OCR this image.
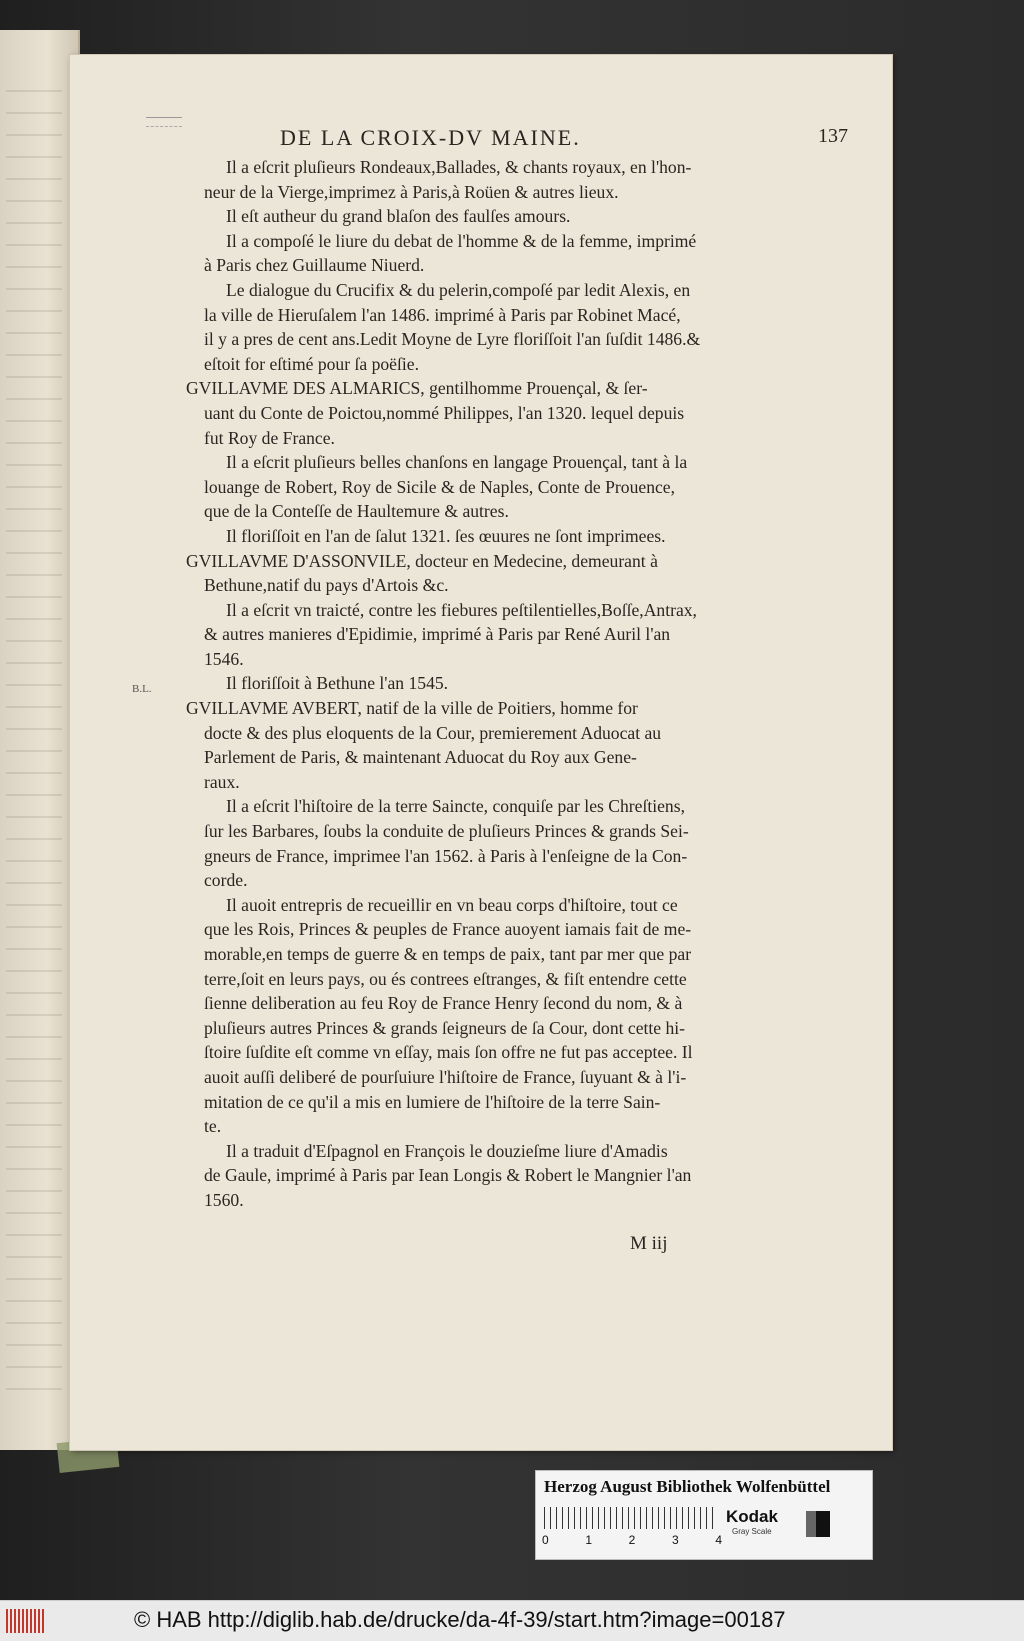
DE LA CROIX-DV MAINE.	137
B.L.
Il a eſcrit pluſieurs Rondeaux,Ballades, & chants royaux, en l'hon-
neur de la Vierge,imprimez à Paris,à Roüen & autres lieux.
Il eſt autheur du grand blaſon des faulſes amours.
Il a compoſé le liure du debat de l'homme & de la femme, imprimé
à Paris chez Guillaume Niuerd.
Le dialogue du Crucifix & du pelerin,compoſé par ledit Alexis, en
la ville de Hieruſalem l'an 1486. imprimé à Paris par Robinet Macé,
il y a pres de cent ans.Ledit Moyne de Lyre floriſſoit l'an ſuſdit 1486.&
eſtoit for eſtimé pour ſa poëſie.
GVILLAVME DES ALMARICS, gentilhomme Prouençal, & ſer-
uant du Conte de Poictou,nommé Philippes, l'an 1320. lequel depuis
fut Roy de France.
Il a eſcrit pluſieurs belles chanſons en langage Prouençal, tant à la
louange de Robert, Roy de Sicile & de Naples, Conte de Prouence,
que de la Conteſſe de Haultemure & autres.
Il floriſſoit en l'an de ſalut 1321. ſes œuures ne ſont imprimees.
GVILLAVME D'ASSONVILE, docteur en Medecine, demeurant à
Bethune,natif du pays d'Artois &c.
Il a eſcrit vn traicté, contre les fiebures peſtilentielles,Boſſe,Antrax,
& autres manieres d'Epidimie, imprimé à Paris par René Auril l'an
1546.
Il floriſſoit à Bethune l'an 1545.
GVILLAVME AVBERT, natif de la ville de Poitiers, homme for
docte & des plus eloquents de la Cour, premierement Aduocat au
Parlement de Paris, & maintenant Aduocat du Roy aux Gene-
raux.
Il a eſcrit l'hiſtoire de la terre Saincte, conquiſe par les Chreſtiens,
ſur les Barbares, ſoubs la conduite de pluſieurs Princes & grands Sei-
gneurs de France, imprimee l'an 1562. à Paris à l'enſeigne de la Con-
corde.
Il auoit entrepris de recueillir en vn beau corps d'hiſtoire, tout ce
que les Rois, Princes & peuples de France auoyent iamais fait de me-
morable,en temps de guerre & en temps de paix, tant par mer que par
terre,ſoit en leurs pays, ou és contrees eſtranges, & fiſt entendre cette
ſienne deliberation au feu Roy de France Henry ſecond du nom, & à
pluſieurs autres Princes & grands ſeigneurs de ſa Cour, dont cette hi-
ſtoire ſuſdite eſt comme vn eſſay, mais ſon offre ne fut pas acceptee. Il
auoit auſſi deliberé de pourſuiure l'hiſtoire de France, ſuyuant & à l'i-
mitation de ce qu'il a mis en lumiere de l'hiſtoire de la terre Sain-
te.
Il a traduit d'Eſpagnol en François le douzieſme liure d'Amadis
de Gaule, imprimé à Paris par Iean Longis & Robert le Mangnier l'an
1560.
M iij
Herzog August Bibliothek Wolfenbüttel
0	1	2	3	4
Kodak
Gray Scale
© HAB http://diglib.hab.de/drucke/da-4f-39/start.htm?image=00187
